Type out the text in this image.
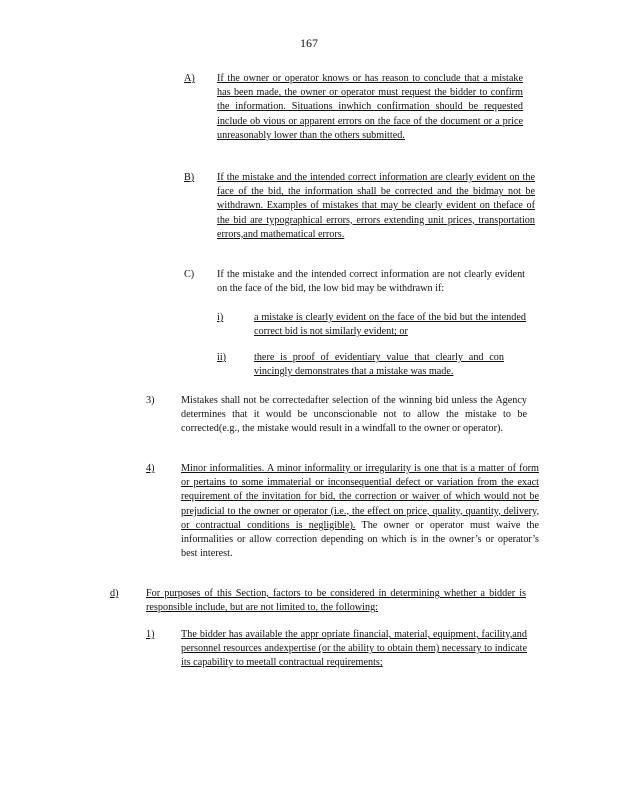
167
A) If the owner or operator knows or has reason to conclude that a mistake has been made, the owner or operator must request the bidder to confirm the information. Situations inwhich confirmation should be requested include ob vious or apparent errors on the face of the document or a price unreasonably lower than the others submitted.
B) If the mistake and the intended correct information are clearly evident on the face of the bid, the information shall be corrected and the bidmay not be withdrawn. Examples of mistakes that may be clearly evident on theface of the bid are typographical errors, errors extending unit prices, transportation errors,and mathematical errors.
C) If the mistake and the intended correct information are not clearly evident on the face of the bid, the low bid may be withdrawn if:
i)	a mistake is clearly evident on the face of the bid but the intended correct bid is not similarly evident; or
ii)	there is proof of evidentiary value that clearly and con vincingly demonstrates that a mistake was made.
3)	Mistakes shall not be correctedafter selection of the winning bid unless the Agency determines that it would be unconscionable not to allow the mistake to be corrected(e.g., the mistake would result in a windfall to the owner or operator).
4)	Minor informalities. A minor informality or irregularity is one that is a matter of form or pertains to some immaterial or inconsequential defect or variation from the exact requirement of the invitation for bid, the correction or waiver of which would not be prejudicial to the owner or operator (i.e., the effect on price, quality, quantity, delivery, or contractual conditions is negligible). The owner or operator must waive the informalities or allow correction depending on which is in the owner’s or operator’s best interest.
d)	For purposes of this Section, factors to be considered in determining whether a bidder is responsible include, but are not limited to, the following:
1)	The bidder has available the appr opriate financial, material, equipment, facility,and personnel resources andexpertise (or the ability to obtain them) necessary to indicate its capability to meetall contractual requirements;
